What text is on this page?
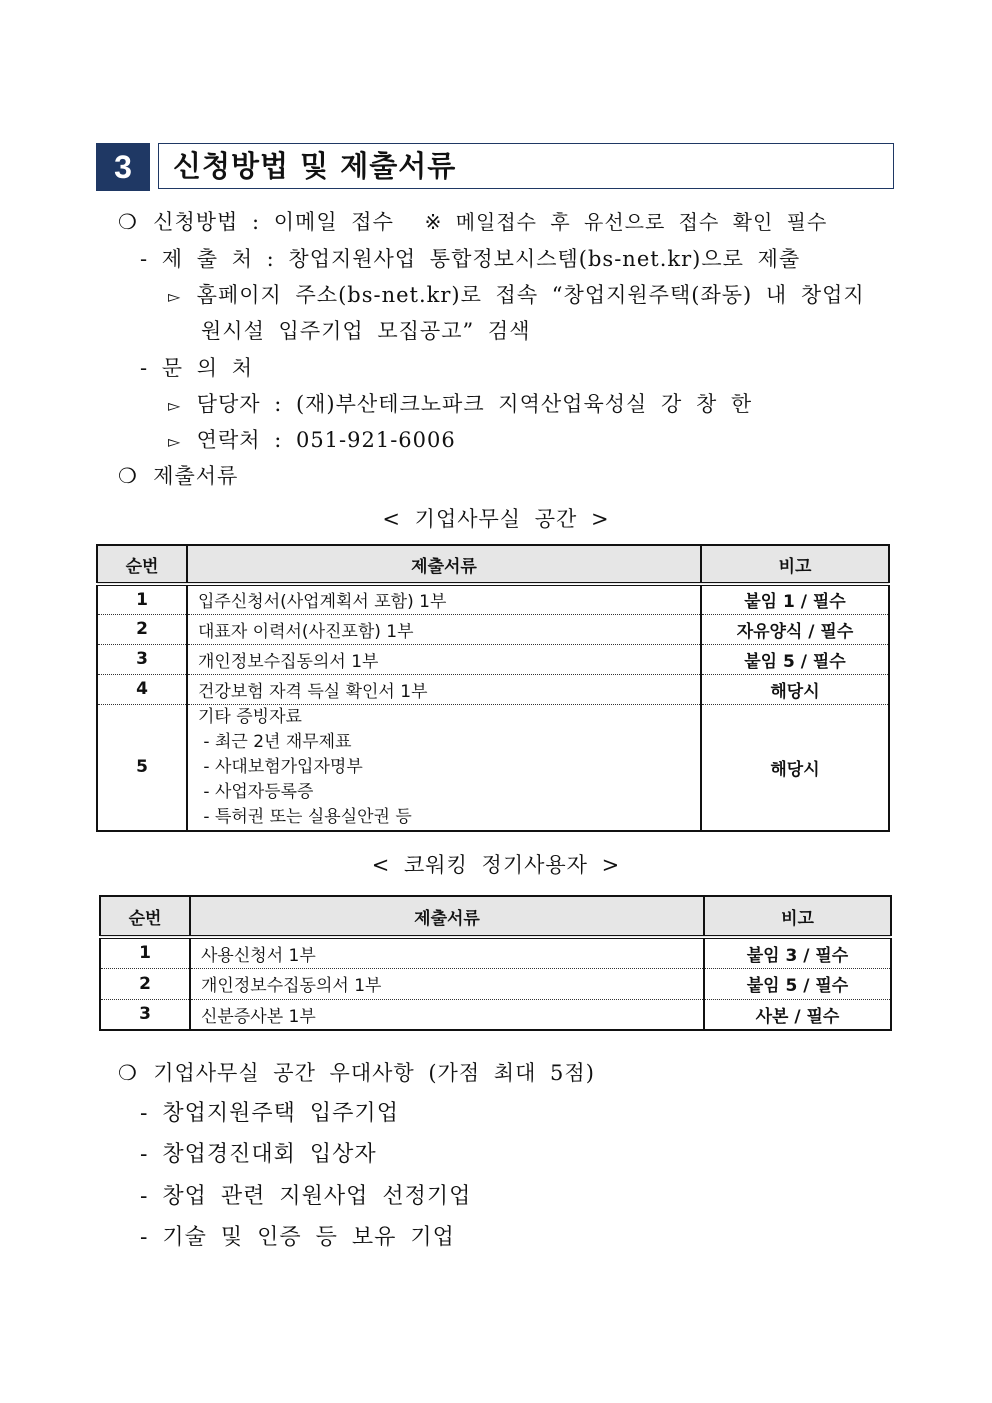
3	신청방법 및 제출서류
❍ 신청방법 : 이메일 접수 ※ 메일접수 후 유선으로 접수 확인 필수
- 제 출 처 : 창업지원사업 통합정보시스템(bs-net.kr)으로 제출
▻ 홈페이지 주소(bs-net.kr)로 접속 “창업지원주택(좌동) 내 창업지
원시설 입주기업 모집공고” 검색
- 문 의 처
▻ 담당자 : (재)부산테크노파크 지역산업육성실 강 창 한
▻ 연락처 : 051-921-6006
❍ 제출서류
< 기업사무실 공간 >
순번	제출서류	비고
1	입주신청서(사업계획서 포함) 1부	붙임 1 / 필수
2	대표자 이력서(사진포함) 1부	자유양식 / 필수
3	개인정보수집동의서 1부	붙임 5 / 필수
4	건강보험 자격 득실 확인서 1부	해당시
5	기타 증빙자료
- 최근 2년 재무제표
- 사대보험가입자명부
- 사업자등록증
- 특허권 또는 실용실안권 등	해당시
< 코워킹 정기사용자 >
순번	제출서류	비고
1	사용신청서 1부	붙임 3 / 필수
2	개인정보수집동의서 1부	붙임 5 / 필수
3	신분증사본 1부	사본 / 필수
❍ 기업사무실 공간 우대사항 (가점 최대 5점)
- 창업지원주택 입주기업
- 창업경진대회 입상자
- 창업 관련 지원사업 선정기업
- 기술 및 인증 등 보유 기업
